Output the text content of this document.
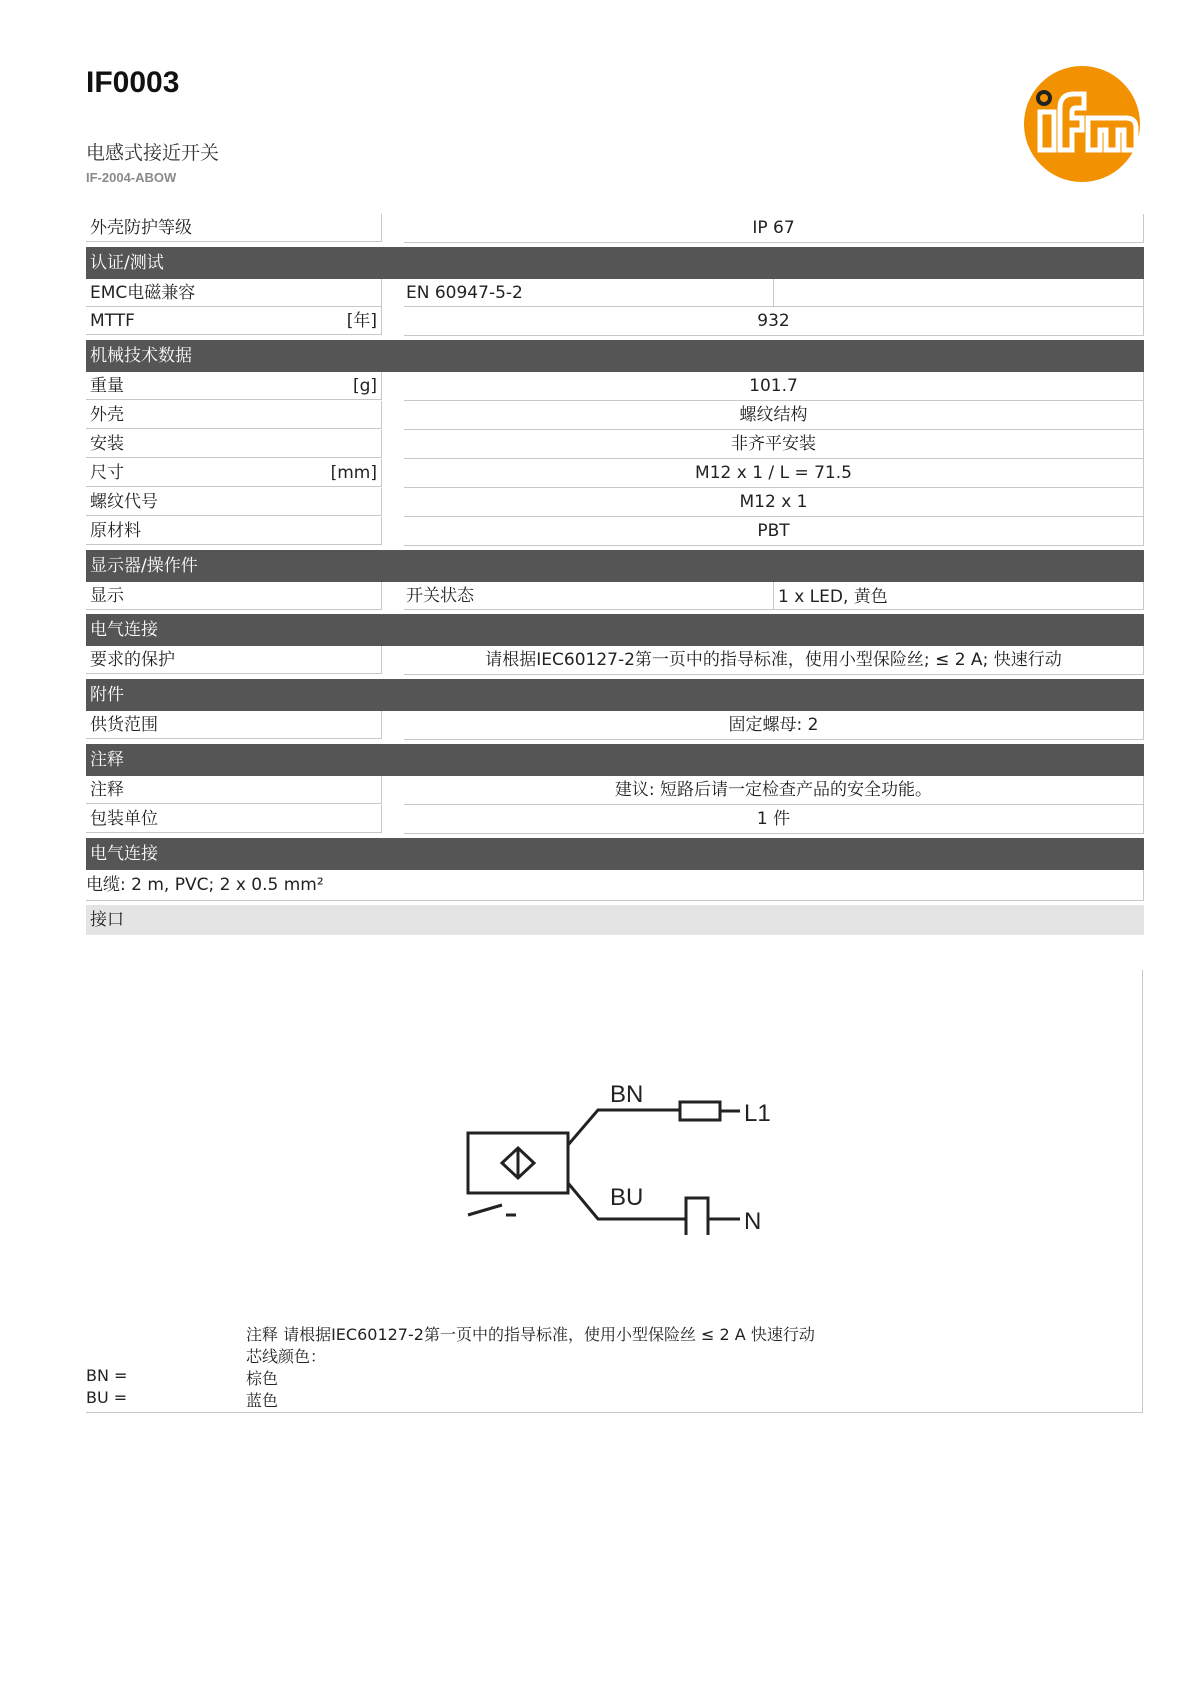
IF0003
电感式接近开关
IF-2004-ABOW
外壳防护等级	IP 67
认证/测试
EMC电磁兼容	EN 60947-5-2
MTTF	[年]	932
机械技术数据
重量	[g]	101.7
外壳	螺纹结构
安装	非齐平安装
尺寸	[mm]	M12 x 1 / L = 71.5
螺纹代号	M12 x 1
原材料	PBT
显示器/操作件
显示	开关状态	1 x LED, 黄色
电气连接
要求的保护	请根据IEC60127-2第一页中的指导标准，使用小型保险丝; ≤ 2 A; 快速行动
附件
供货范围	固定螺母: 2
注释
注释	建议: 短路后请一定检查产品的安全功能。
包装单位	1 件
电气连接
电缆: 2 m, PVC; 2 x 0.5 mm²
接口
BN
L1
BU
N
注释 请根据IEC60127-2第一页中的指导标准，使用小型保险丝 ≤ 2 A 快速行动
芯线颜色：
BN =	棕色
BU =	蓝色
